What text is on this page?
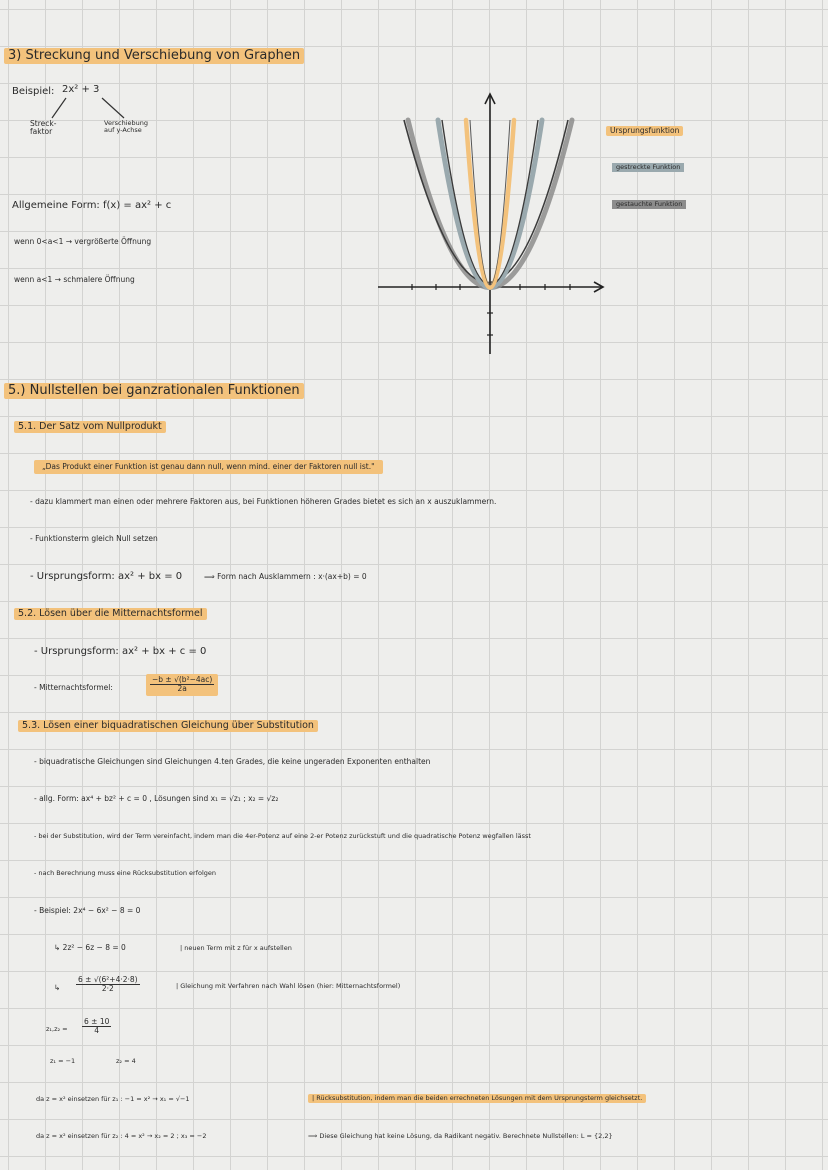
3) Streckung und Verschiebung von Graphen
Beispiel: 2x² + 3
Streck-
faktor
Verschiebung
auf y-Achse
Allgemeine Form: f(x) = ax² + c
wenn 0<a<1 → vergrößerte Öffnung
wenn a<1 → schmalere Öffnung
Ursprungsfunktion
gestreckte Funktion
gestauchte Funktion
5.) Nullstellen bei ganzrationalen Funktionen
5.1. Der Satz vom Nullprodukt
„Das Produkt einer Funktion ist genau dann null, wenn mind. einer der Faktoren null ist."
- dazu klammert man einen oder mehrere Faktoren aus, bei Funktionen höheren Grades bietet es sich an x auszuklammern.
- Funktionsterm gleich Null setzen
- Ursprungsform: ax² + bx = 0	⟹ Form nach Ausklammern : x·(ax+b) = 0
5.2. Lösen über die Mitternachtsformel
- Ursprungsform: ax² + bx + c = 0
- Mitternachtsformel:	$\frac{\text{−b ± √(b²−4ac)}}{2a}$
5.3. Lösen einer biquadratischen Gleichung über Substitution
- biquadratische Gleichungen sind Gleichungen 4.ten Grades, die keine ungeraden Exponenten enthalten
- allg. Form: ax⁴ + bz² + c = 0 , Lösungen sind x₁ = √z₁ ; x₂ = √z₂
- bei der Substitution, wird der Term vereinfacht, indem man die 4er-Potenz auf eine 2-er Potenz zurückstuft und die quadratische Potenz wegfallen lässt
- nach Berechnung muss eine Rücksubstitution erfolgen
- Beispiel: 2x⁴ − 6x² − 8 = 0
↳ 2z² − 6z − 8 = 0	| neuen Term mit z für x aufstellen
↳ $\frac{\text{6 ± √(6²+4·2·8)}}{2\cdot 2}$	| Gleichung mit Verfahren nach Wahl lösen (hier: Mitternachtsformel)
$z_1,z_2 = \frac{6 \pm 10}{4}$
z₁ = −1	z₂ = 4
da z = x² einsetzen für z₁ : −1 = x² → x₁ = √−1	| Rücksubstitution, indem man die beiden errechneten Lösungen mit dem Ursprungsterm gleichsetzt.
da z = x² einsetzen für z₂ : 4 = x² → x₂ = 2 ; x₃ = −2	⟹ Diese Gleichung hat keine Lösung, da Radikant negativ. Berechnete Nullstellen: L = {2,2}
